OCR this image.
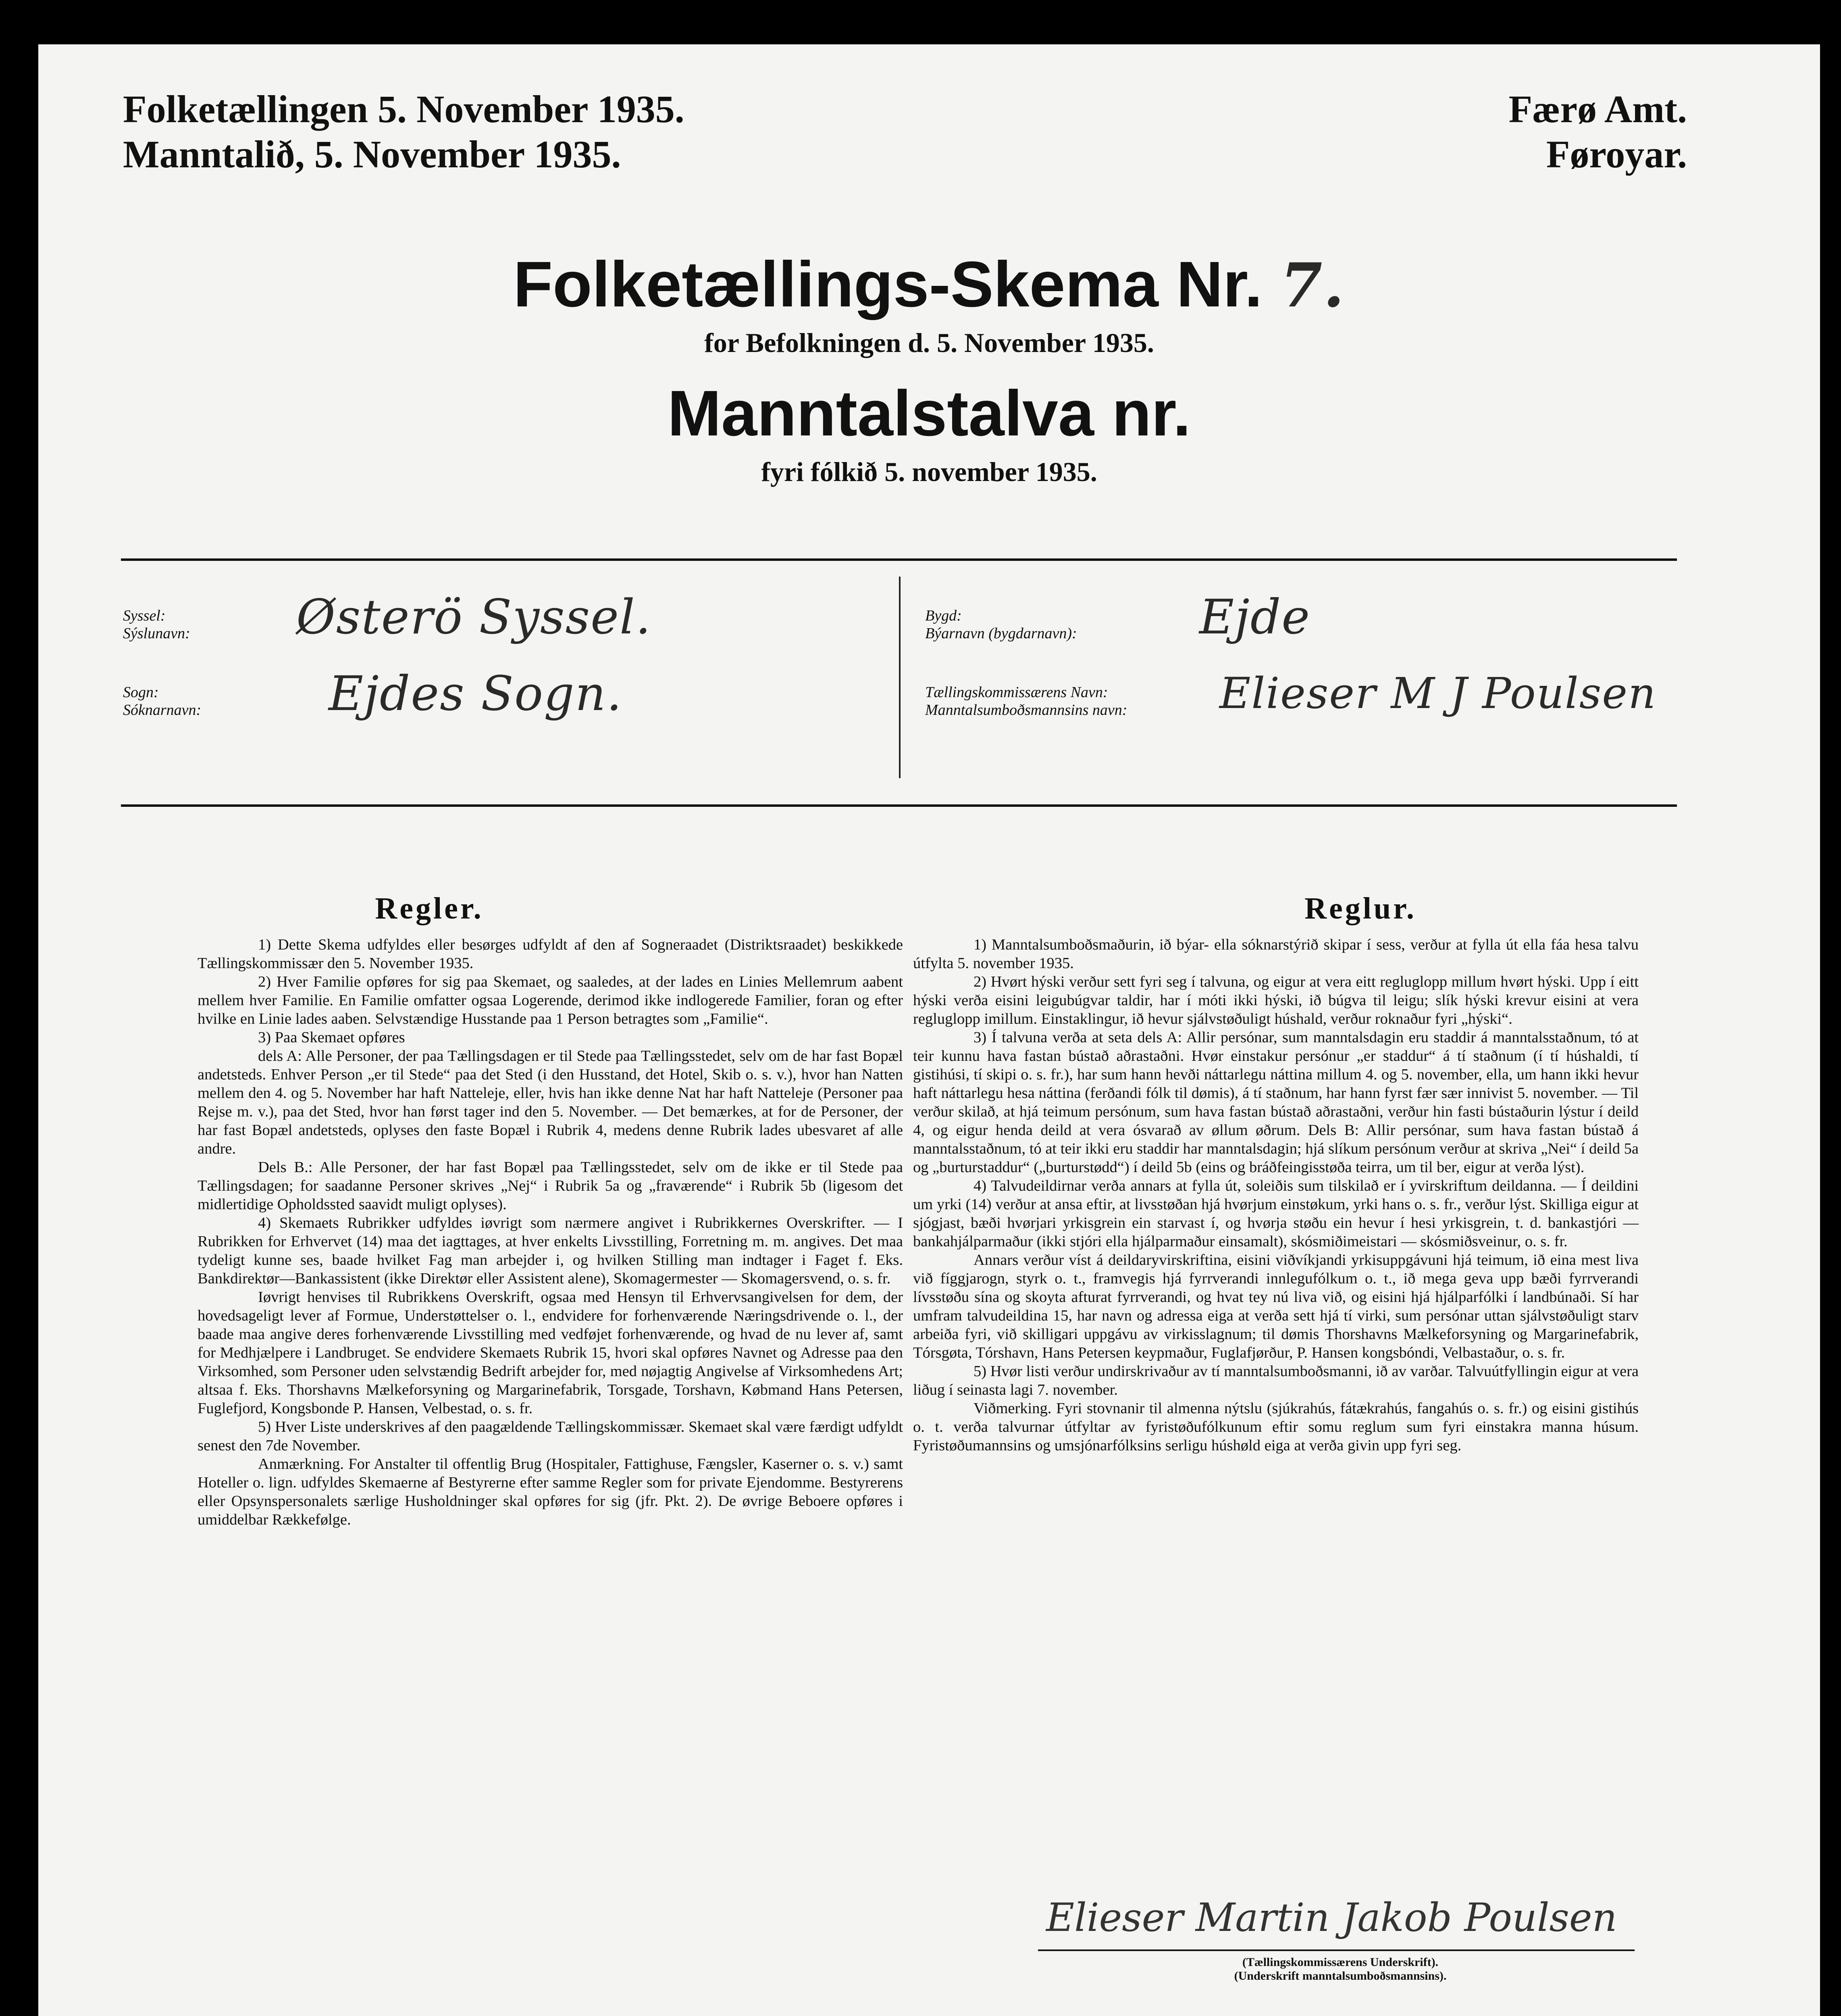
Folketællingen 5. November 1935.
Manntalið, 5. November 1935.
Færø Amt.
Føroyar.
Folketællings-Skema Nr. 7.
for Befolkningen d. 5. November 1935.
Manntalstalva nr.
fyri fólkið 5. november 1935.
Syssel:
Sýslunavn: Østerö Syssel.
Sogn:
Sóknarnavn:	Ejdes Sogn.
Bygd:
Býarnavn (bygdarnavn):	Ejde
Tællingskommissærens Navn:
Manntalsumboðsmannsins navn: Elieser M J Poulsen
Regler.

1) Dette Skema udfyldes eller besørges udfyldt af den af Sogneraadet (Distriktsraadet) beskikkede Tællingskommissær den 5. November 1935.

2) Hver Familie opføres for sig paa Skemaet, og saaledes, at der lades en Linies Mellemrum aabent mellem hver Familie. En Familie omfatter ogsaa Logerende, derimod ikke indlogerede Familier, foran og efter hvilke en Linie lades aaben. Selvstændige Husstande paa 1 Person betragtes som „Familie“.

3) Paa Skemaet opføres

dels A: Alle Personer, der paa Tællingsdagen er til Stede paa Tællingsstedet, selv om de har fast Bopæl andetsteds. Enhver Person „er til Stede“ paa det Sted (i den Husstand, det Hotel, Skib o. s. v.), hvor han Natten mellem den 4. og 5. November har haft Natteleje, eller, hvis han ikke denne Nat har haft Natteleje (Personer paa Rejse m. v.), paa det Sted, hvor han først tager ind den 5. November. — Det bemærkes, at for de Personer, der har fast Bopæl andetsteds, oplyses den faste Bopæl i Rubrik 4, medens denne Rubrik lades ubesvaret af alle andre.

Dels B.: Alle Personer, der har fast Bopæl paa Tællingsstedet, selv om de ikke er til Stede paa Tællingsdagen; for saadanne Personer skrives „Nej“ i Rubrik 5a og „fraværende“ i Rubrik 5b (ligesom det midlertidige Opholdssted saavidt muligt oplyses).

4) Skemaets Rubrikker udfyldes iøvrigt som nærmere angivet i Rubrikkernes Overskrifter. — I Rubrikken for Erhvervet (14) maa det iagttages, at hver enkelts Livsstilling, Forretning m. m. angives. Det maa tydeligt kunne ses, baade hvilket Fag man arbejder i, og hvilken Stilling man indtager i Faget f. Eks. Bankdirektør—Bankassistent (ikke Direktør eller Assistent alene), Skomagermester — Skomagersvend, o. s. fr.

Iøvrigt henvises til Rubrikkens Overskrift, ogsaa med Hensyn til Erhvervsangivelsen for dem, der hovedsageligt lever af Formue, Understøttelser o. l., endvidere for forhenværende Næringsdrivende o. l., der baade maa angive deres forhenværende Livsstilling med vedføjet forhenværende, og hvad de nu lever af, samt for Medhjælpere i Landbruget. Se endvidere Skemaets Rubrik 15, hvori skal opføres Navnet og Adresse paa den Virksomhed, som Personer uden selvstændig Bedrift arbejder for, med nøjagtig Angivelse af Virksomhedens Art; altsaa f. Eks. Thorshavns Mælkeforsyning og Margarinefabrik, Torsgade, Torshavn, Købmand Hans Petersen, Fuglefjord, Kongsbonde P. Hansen, Velbestad, o. s. fr.

5) Hver Liste underskrives af den paagældende Tællingskommissær. Skemaet skal være færdigt udfyldt senest den 7de November.

Anmærkning. For Anstalter til offentlig Brug (Hospitaler, Fattighuse, Fængsler, Kaserner o. s. v.) samt Hoteller o. lign. udfyldes Skemaerne af Bestyrerne efter samme Regler som for private Ejendomme. Bestyrerens eller Opsynspersonalets særlige Husholdninger skal opføres for sig (jfr. Pkt. 2). De øvrige Beboere opføres i umiddelbar Rækkefølge.

Reglur.

1) Manntalsumboðsmaðurin, ið býar- ella sóknarstýrið skipar í sess, verður at fylla út ella fáa hesa talvu útfylta 5. november 1935.

2) Hvørt hýski verður sett fyri seg í talvuna, og eigur at vera eitt regluglopp millum hvørt hýski. Upp í eitt hýski verða eisini leigubúgvar taldir, har í móti ikki hýski, ið búgva til leigu; slík hýski krevur eisini at vera regluglopp imillum. Einstaklingur, ið hevur sjálvstøðuligt húshald, verður roknaður fyri „hýski“.

3) Í talvuna verða at seta dels A: Allir persónar, sum manntalsdagin eru staddir á manntalsstaðnum, tó at teir kunnu hava fastan bústað aðrastaðni. Hvør einstakur persónur „er staddur“ á tí staðnum (í tí húshaldi, tí gistihúsi, tí skipi o. s. fr.), har sum hann hevði náttarlegu náttina millum 4. og 5. november, ella, um hann ikki hevur haft náttarlegu hesa náttina (ferðandi fólk til dømis), á tí staðnum, har hann fyrst fær sær innivist 5. november. — Til verður skilað, at hjá teimum persónum, sum hava fastan bústað aðrastaðni, verður hin fasti bústaðurin lýstur í deild 4, og eigur henda deild at vera ósvarað av øllum øðrum. Dels B: Allir persónar, sum hava fastan bústað á manntalsstaðnum, tó at teir ikki eru staddir har manntalsdagin; hjá slíkum persónum verður at skriva „Nei“ í deild 5a og „burturstaddur“ („burturstødd“) í deild 5b (eins og bráðfeingisstøða teirra, um til ber, eigur at verða lýst).

4) Talvudeildirnar verða annars at fylla út, soleiðis sum tilskilað er í yvirskriftum deildanna. — Í deildini um yrki (14) verður at ansa eftir, at livsstøðan hjá hvørjum einstøkum, yrki hans o. s. fr., verður lýst. Skilliga eigur at sjógjast, bæði hvørjari yrkisgrein ein starvast í, og hvørja støðu ein hevur í hesi yrkisgrein, t. d. bankastjóri — bankahjálparmaður (ikki stjóri ella hjálparmaður einsamalt), skósmiðimeistari — skósmiðsveinur, o. s. fr.

Annars verður víst á deildaryvirskriftina, eisini viðvíkjandi yrkisuppgávuni hjá teimum, ið eina mest liva við fíggjarogn, styrk o. t., framvegis hjá fyrrverandi innlegufólkum o. t., ið mega geva upp bæði fyrrverandi lívsstøðu sína og skoyta afturat fyrrverandi, og hvat tey nú liva við, og eisini hjá hjálparfólki í landbúnaði. Sí har umfram talvudeildina 15, har navn og adressa eiga at verða sett hjá tí virki, sum persónar uttan sjálvstøðuligt starv arbeiða fyri, við skilligari uppgávu av virkisslagnum; til dømis Thorshavns Mælkeforsyning og Margarinefabrik, Tórsgøta, Tórshavn, Hans Petersen keypmaður, Fuglafjørður, P. Hansen kongsbóndi, Velbastaður, o. s. fr.

5) Hvør listi verður undirskrivaður av tí manntalsumboðsmanni, ið av varðar. Talvuútfyllingin eigur at vera liðug í seinasta lagi 7. november.

Viðmerking. Fyri stovnanir til almenna nýtslu (sjúkrahús, fátækrahús, fangahús o. s. fr.) og eisini gistihús o. t. verða talvurnar útfyltar av fyristøðufólkunum eftir somu reglum sum fyri einstakra manna húsum. Fyristøðumannsins og umsjónarfólksins serligu húshøld eiga at verða givin upp fyri seg.

Elieser Martin Jakob Poulsen
(Tællingskommissærens Underskrift).
(Underskrift manntalsumboðsmannsins).
